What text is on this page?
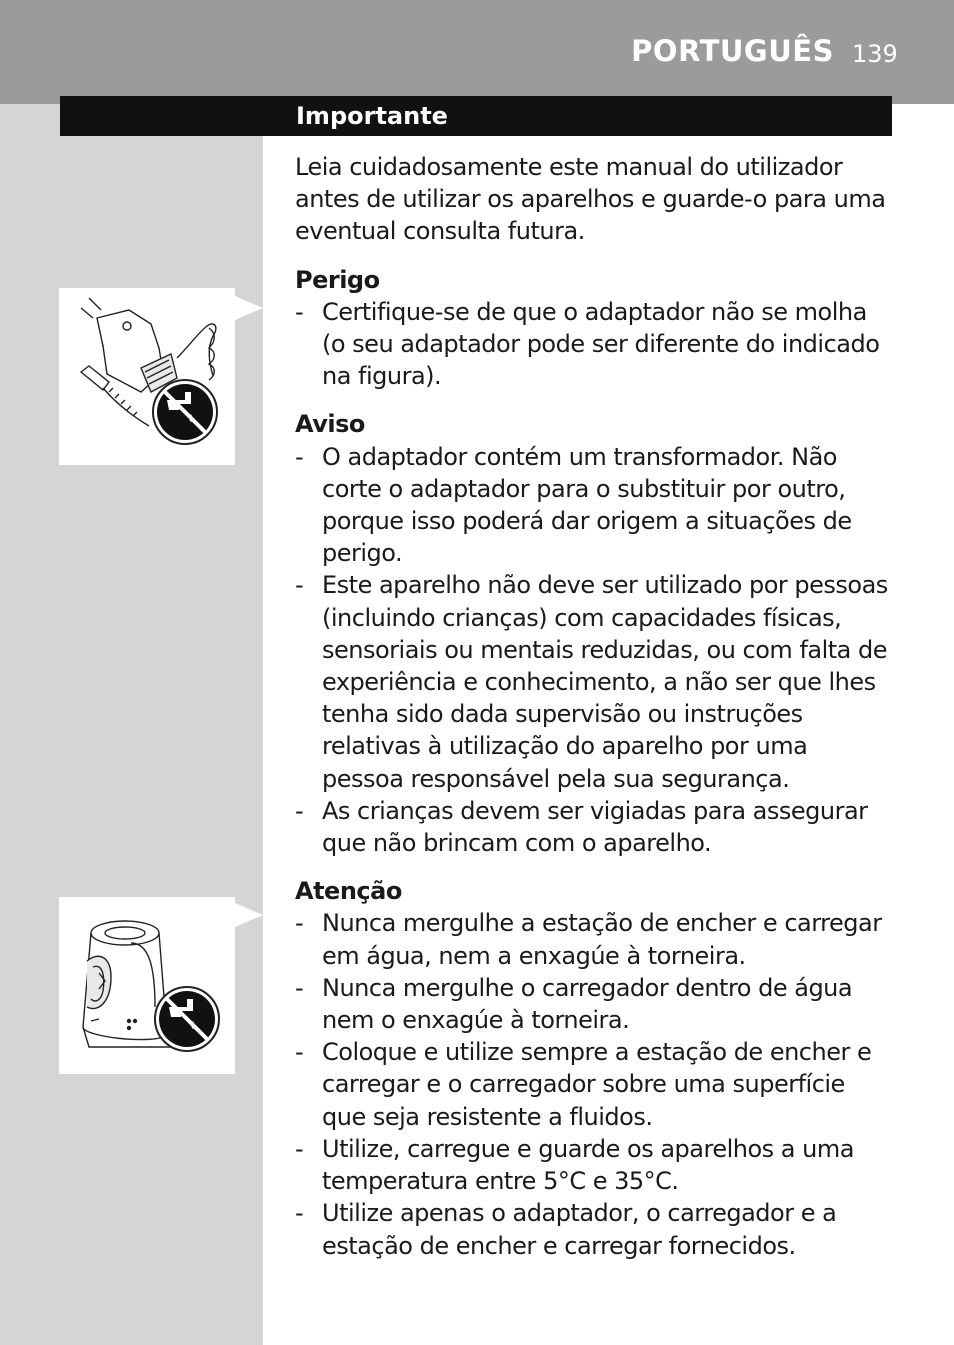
PORTUGUÊS 139
Importante

Leia cuidadosamente este manual do utilizador antes de utilizar os aparelhos e guarde-o para uma eventual consulta futura.

Perigo

- Certifique-se de que o adaptador não se molha (o seu adaptador pode ser diferente do indicado na figura).

Aviso

- O adaptador contém um transformador. Não corte o adaptador para o substituir por outro, porque isso poderá dar origem a situações de perigo.
- Este aparelho não deve ser utilizado por pessoas (incluindo crianças) com capacidades físicas, sensoriais ou mentais reduzidas, ou com falta de experiência e conhecimento, a não ser que lhes tenha sido dada supervisão ou instruções relativas à utilização do aparelho por uma pessoa responsável pela sua segurança.
- As crianças devem ser vigiadas para assegurar que não brincam com o aparelho.

Atenção

- Nunca mergulhe a estação de encher e carregar em água, nem a enxagúe à torneira.
- Nunca mergulhe o carregador dentro de água nem o enxagúe à torneira.
- Coloque e utilize sempre a estação de encher e carregar e o carregador sobre uma superfície que seja resistente a fluidos.
- Utilize, carregue e guarde os aparelhos a uma temperatura entre 5°C e 35°C.
- Utilize apenas o adaptador, o carregador e a estação de encher e carregar fornecidos.
